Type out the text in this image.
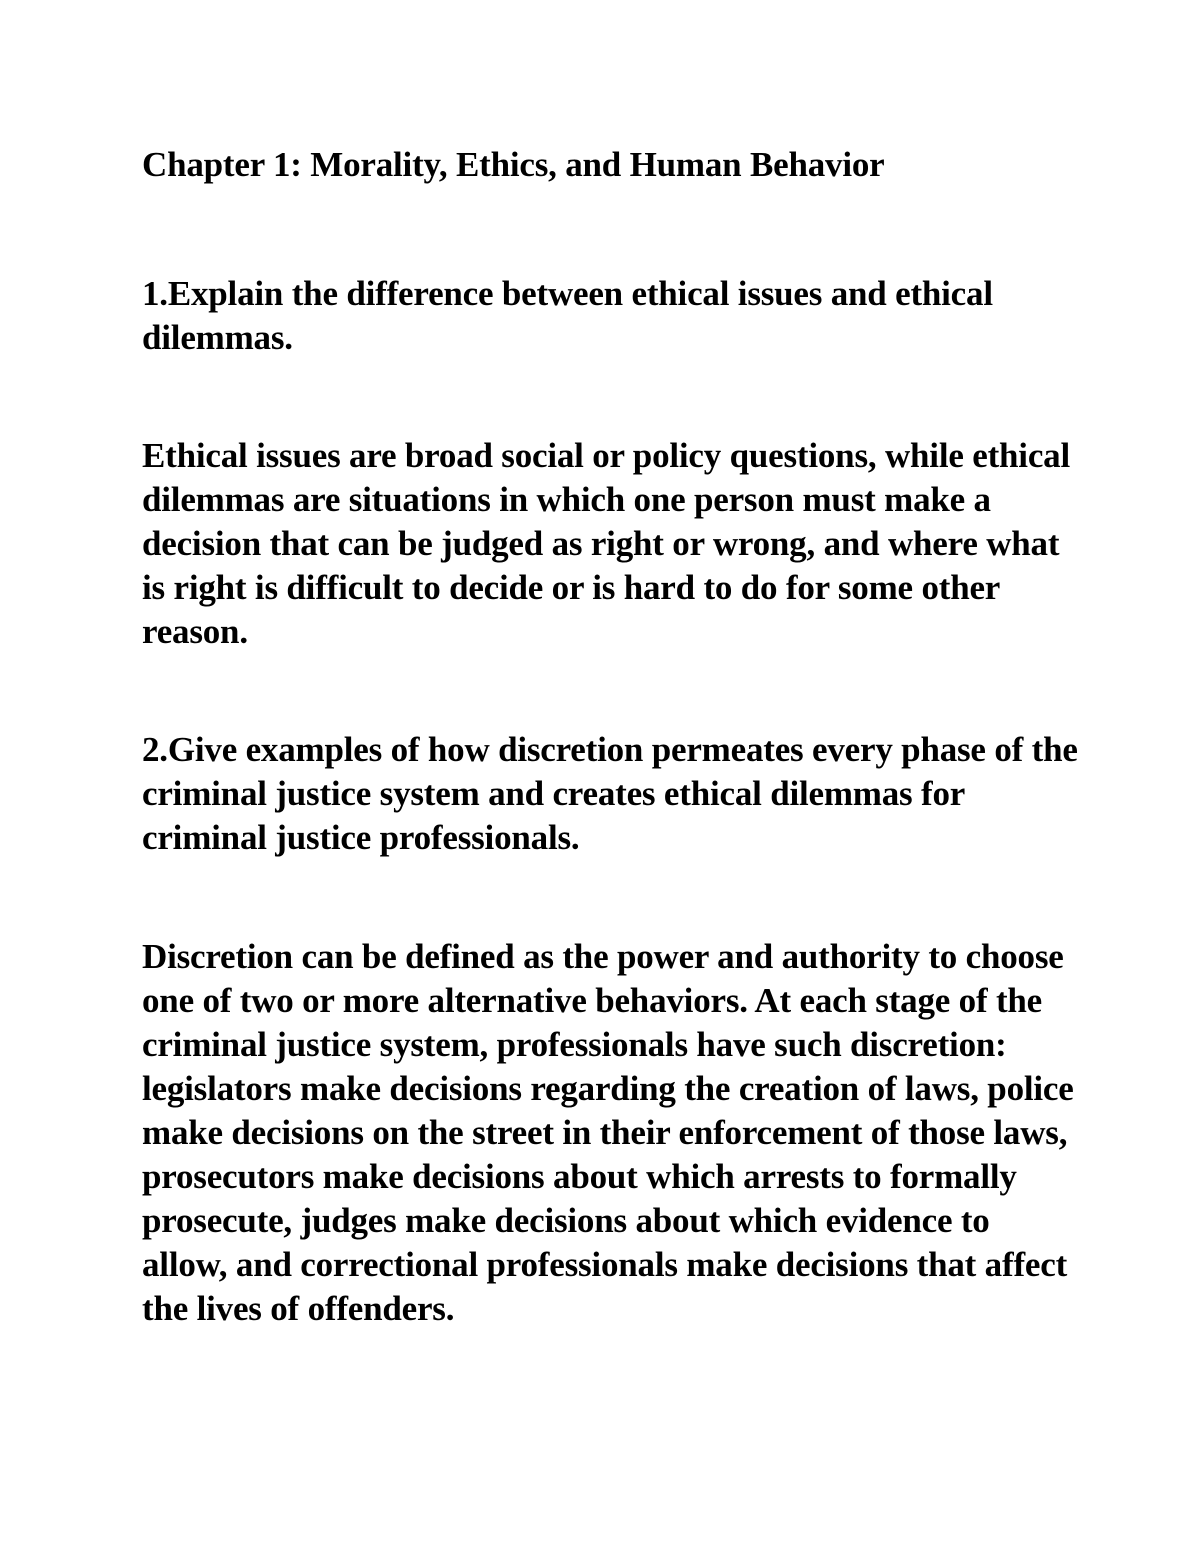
Chapter 1: Morality, Ethics, and Human Behavior

1.Explain the difference between ethical issues and ethical dilemmas.

Ethical issues are broad social or policy questions, while ethical dilemmas are situations in which one person must make a decision that can be judged as right or wrong, and where what is right is difficult to decide or is hard to do for some other reason.

2.Give examples of how discretion permeates every phase of the criminal justice system and creates ethical dilemmas for criminal justice professionals.

Discretion can be defined as the power and authority to choose one of two or more alternative behaviors. At each stage of the criminal justice system, professionals have such discretion: legislators make decisions regarding the creation of laws, police make decisions on the street in their enforcement of those laws, prosecutors make decisions about which arrests to formally prosecute, judges make decisions about which evidence to allow, and correctional professionals make decisions that affect the lives of offenders.
